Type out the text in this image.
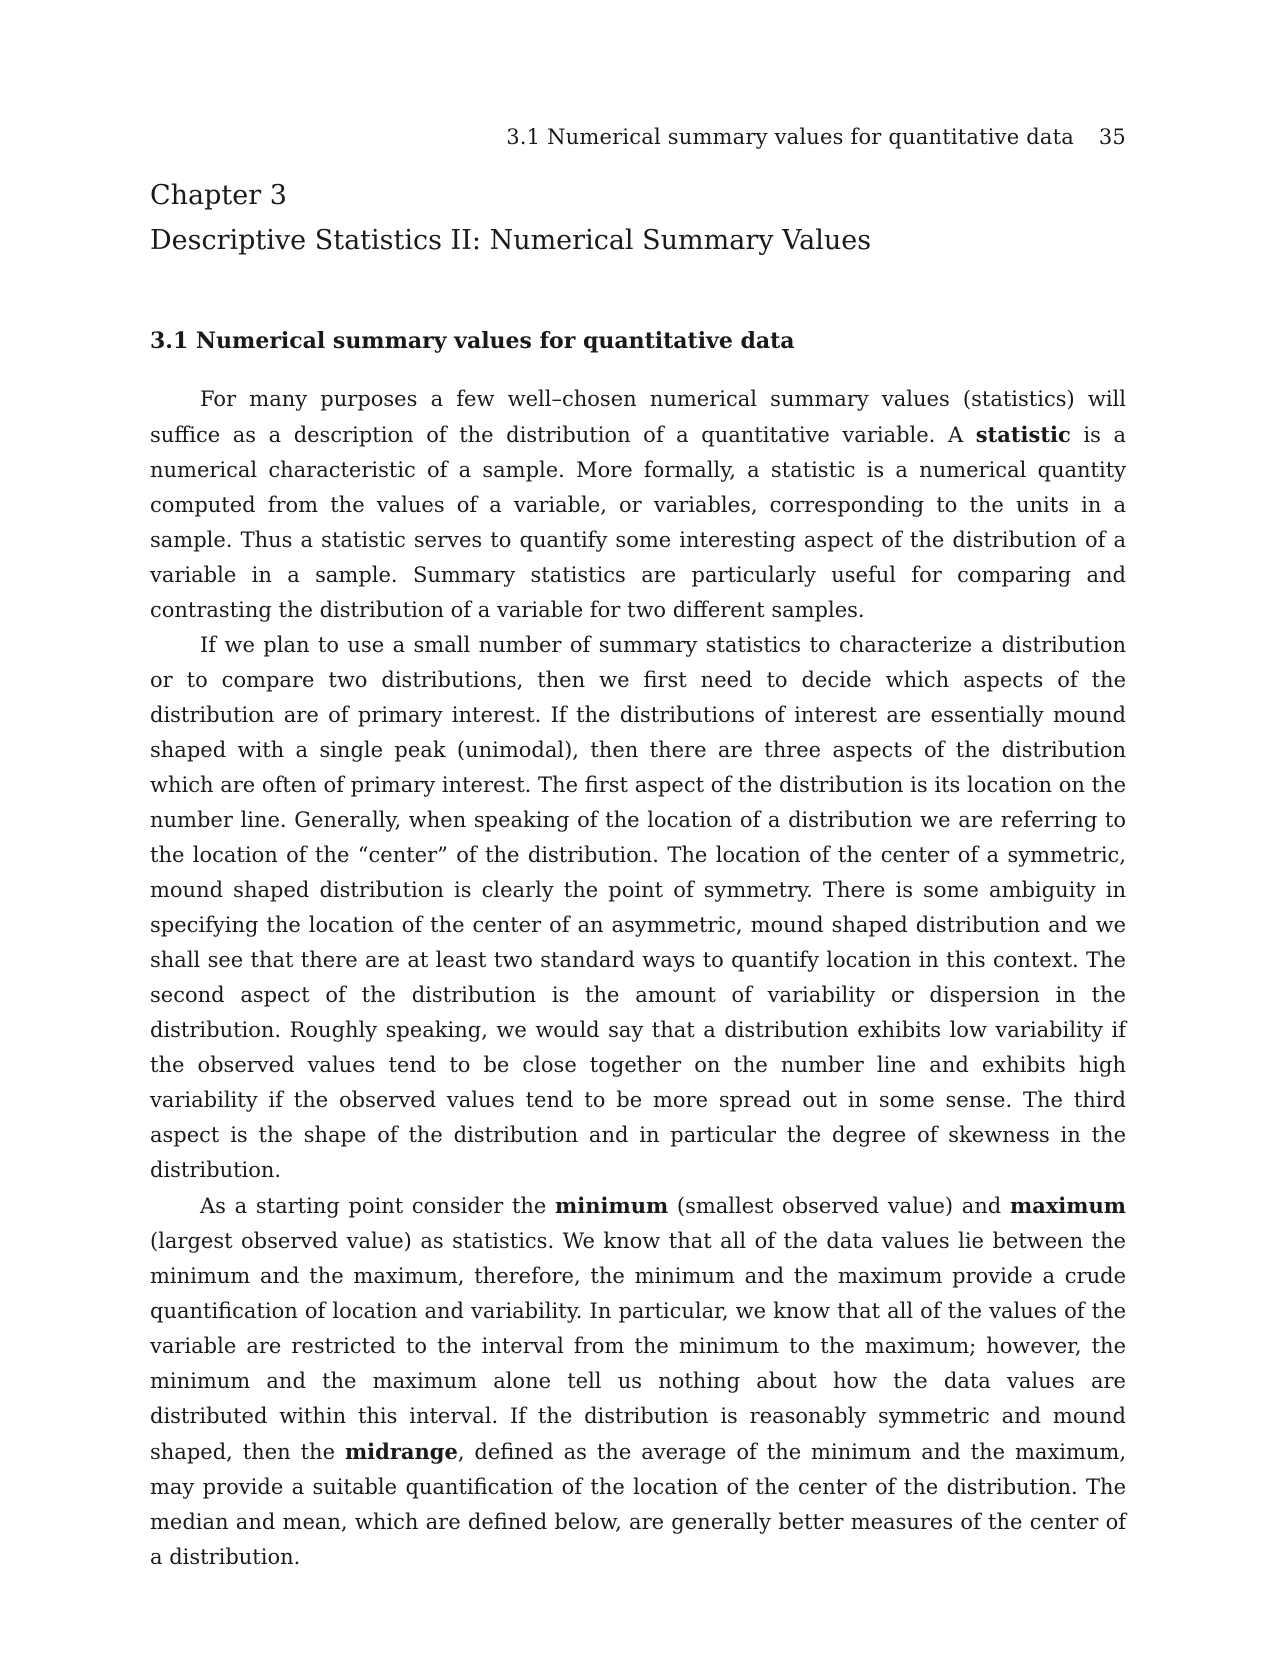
3.1 Numerical summary values for quantitative data 35
Chapter 3
Descriptive Statistics II: Numerical Summary Values
3.1 Numerical summary values for quantitative data

For many purposes a few well–chosen numerical summary values (statistics) will suffice as a description of the distribution of a quantitative variable. A statistic is a numerical characteristic of a sample. More formally, a statistic is a numerical quantity computed from the values of a variable, or variables, corresponding to the units in a sample. Thus a statistic serves to quantify some interesting aspect of the distribution of a variable in a sample. Summary statistics are particularly useful for comparing and contrasting the distribution of a variable for two different samples.

If we plan to use a small number of summary statistics to characterize a distribution or to compare two distributions, then we first need to decide which aspects of the distribution are of primary interest. If the distributions of interest are essentially mound shaped with a single peak (unimodal), then there are three aspects of the distribution which are often of primary interest. The first aspect of the distribution is its location on the number line. Generally, when speaking of the location of a distribution we are referring to the location of the “center” of the distribution. The location of the center of a symmetric, mound shaped distribution is clearly the point of symmetry. There is some ambiguity in specifying the location of the center of an asymmetric, mound shaped distribution and we shall see that there are at least two standard ways to quantify location in this context. The second aspect of the distribution is the amount of variability or dispersion in the distribution. Roughly speaking, we would say that a distribution exhibits low variability if the observed values tend to be close together on the number line and exhibits high variability if the observed values tend to be more spread out in some sense. The third aspect is the shape of the distribution and in particular the degree of skewness in the distribution.

As a starting point consider the minimum (smallest observed value) and maximum (largest observed value) as statistics. We know that all of the data values lie between the minimum and the maximum, therefore, the minimum and the maximum provide a crude quantification of location and variability. In particular, we know that all of the values of the variable are restricted to the interval from the minimum to the maximum; however, the minimum and the maximum alone tell us nothing about how the data values are distributed within this interval. If the distribution is reasonably symmetric and mound shaped, then the midrange, defined as the average of the minimum and the maximum, may provide a suitable quantification of the location of the center of the distribution. The median and mean, which are defined below, are generally better measures of the center of a distribution.
